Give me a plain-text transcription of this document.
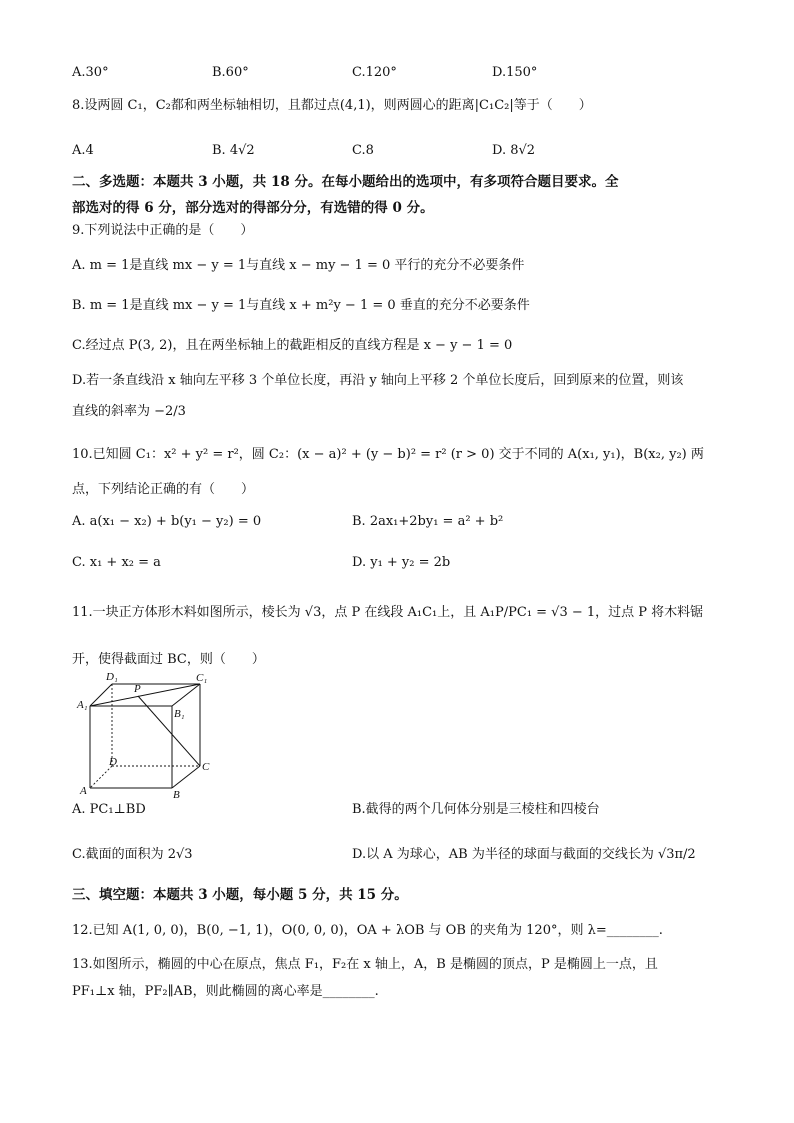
A.30°	B.60°	C.120°	D.150°
8.设两圆 C₁，C₂都和两坐标轴相切，且都过点(4,1)，则两圆心的距离|C₁C₂|等于（　　）
A.4	B. 4√2	C.8	D. 8√2
二、多选题：本题共 3 小题，共 18 分。在每小题给出的选项中，有多项符合题目要求。全
部选对的得 6 分，部分选对的得部分分，有选错的得 0 分。
9.下列说法中正确的是（　　）
A. m = 1是直线 mx − y = 1与直线 x − my − 1 = 0 平行的充分不必要条件
B. m = 1是直线 mx − y = 1与直线 x + m²y − 1 = 0 垂直的充分不必要条件
C.经过点 P(3, 2)，且在两坐标轴上的截距相反的直线方程是 x − y − 1 = 0
D.若一条直线沿 x 轴向左平移 3 个单位长度，再沿 y 轴向上平移 2 个单位长度后，回到原来的位置，则该
直线的斜率为 −2/3
10.已知圆 C₁：x² + y² = r²，圆 C₂：(x − a)² + (y − b)² = r² (r > 0) 交于不同的 A(x₁, y₁)，B(x₂, y₂) 两
点，下列结论正确的有（　　）
A. a(x₁ − x₂) + b(y₁ − y₂) = 0	B. 2ax₁+2by₁ = a² + b²
C. x₁ + x₂ = a	D. y₁ + y₂ = 2b
11.一块正方体形木料如图所示，棱长为 √3，点 P 在线段 A₁C₁上，且 A₁P/PC₁ = √3 − 1，过点 P 将木料锯
开，使得截面过 BC，则（　　）
D₁	C₁
P
A₁
B₁
D	C
A	B
A. PC₁⊥BD	B.截得的两个几何体分别是三棱柱和四棱台
C.截面的面积为 2√3	D.以 A 为球心，AB 为半径的球面与截面的交线长为 √3π/2
三、填空题：本题共 3 小题，每小题 5 分，共 15 分。
12.已知 A(1, 0, 0)，B(0, −1, 1)，O(0, 0, 0)，OA + λOB 与 OB 的夹角为 120°，则 λ=________.
13.如图所示，椭圆的中心在原点，焦点 F₁，F₂在 x 轴上，A，B 是椭圆的顶点，P 是椭圆上一点，且
PF₁⊥x 轴，PF₂∥AB，则此椭圆的离心率是________.
